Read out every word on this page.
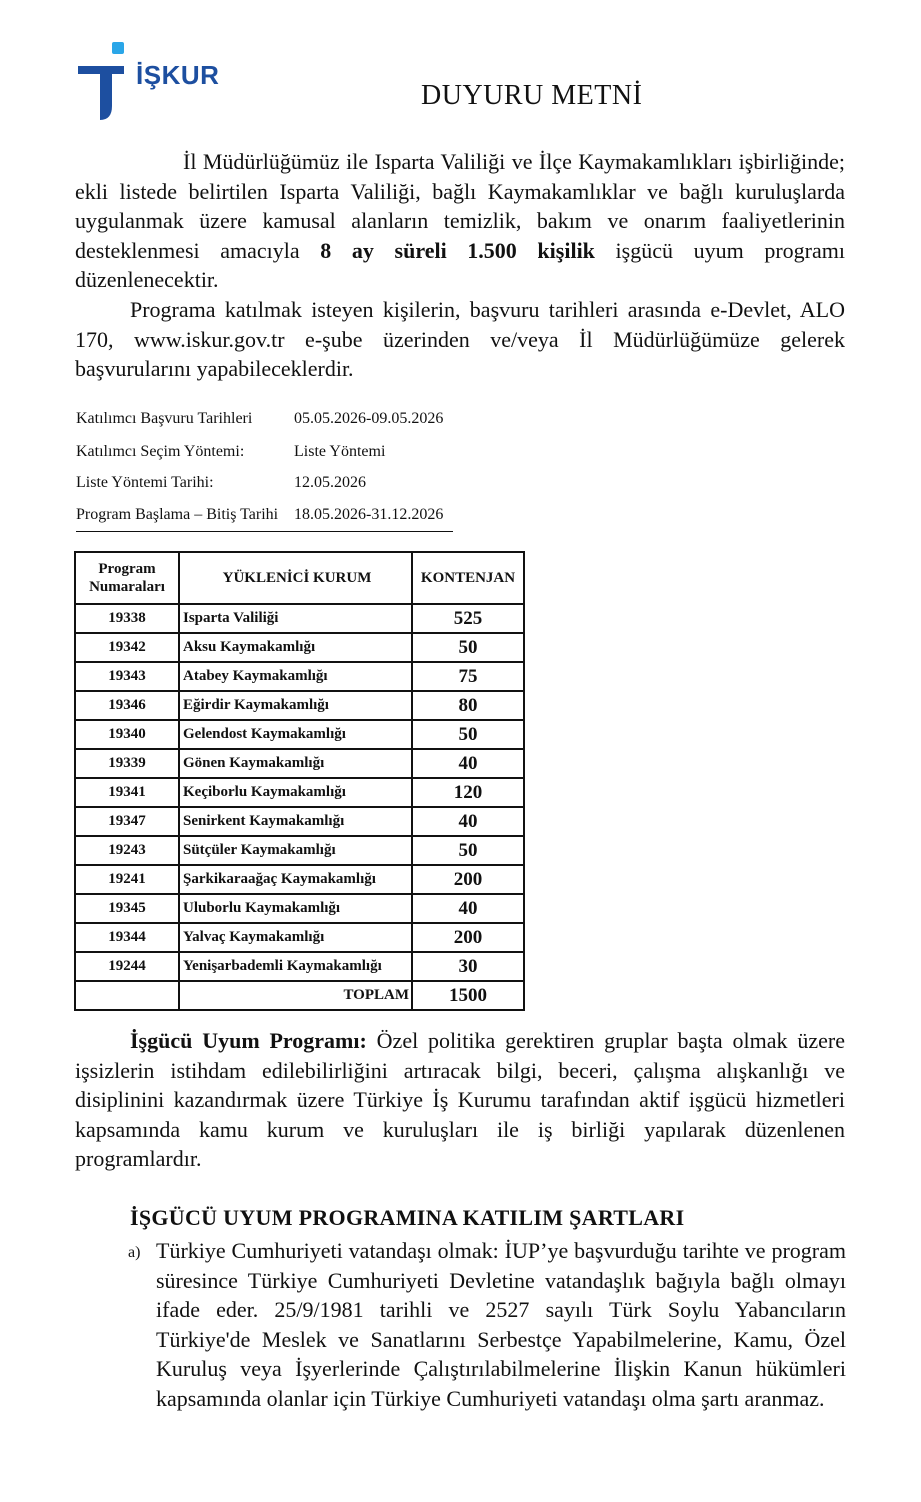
İŞKUR
DUYURU METNİ
İl Müdürlüğümüz ile Isparta Valiliği ve İlçe Kaymakamlıkları işbirliğinde; ekli listede belirtilen Isparta Valiliği, bağlı Kaymakamlıklar ve bağlı kuruluşlarda uygulanmak üzere kamusal alanların temizlik, bakım ve onarım faaliyetlerinin desteklenmesi amacıyla 8 ay süreli 1.500 kişilik işgücü uyum programı düzenlenecektir.
Programa katılmak isteyen kişilerin, başvuru tarihleri arasında e-Devlet, ALO 170, www.iskur.gov.tr e-şube üzerinden ve/veya İl Müdürlüğümüze gelerek başvurularını yapabileceklerdir.
Katılımcı Başvuru Tarihleri	05.05.2026-09.05.2026
Katılımcı Seçim Yöntemi:	Liste Yöntemi
Liste Yöntemi Tarihi:	12.05.2026
Program Başlama – Bitiş Tarihi 18.05.2026-31.12.2026
Program
Numaraları	YÜKLENİCİ KURUM	KONTENJAN
19338	Isparta Valiliği	525
19342	Aksu Kaymakamlığı	50
19343	Atabey Kaymakamlığı	75
19346	Eğirdir Kaymakamlığı	80
19340	Gelendost Kaymakamlığı	50
19339	Gönen Kaymakamlığı	40
19341	Keçiborlu Kaymakamlığı	120
19347	Senirkent Kaymakamlığı	40
19243	Sütçüler Kaymakamlığı	50
19241	Şarkikaraağaç Kaymakamlığı	200
19345	Uluborlu Kaymakamlığı	40
19344	Yalvaç Kaymakamlığı	200
19244	Yenişarbademli Kaymakamlığı	30
	TOPLAM	1500
İşgücü Uyum Programı: Özel politika gerektiren gruplar başta olmak üzere işsizlerin istihdam edilebilirliğini artıracak bilgi, beceri, çalışma alışkanlığı ve disiplinini kazandırmak üzere Türkiye İş Kurumu tarafından aktif işgücü hizmetleri kapsamında kamu kurum ve kuruluşları ile iş birliği yapılarak düzenlenen programlardır.
İŞGÜCÜ UYUM PROGRAMINA KATILIM ŞARTLARI
a) Türkiye Cumhuriyeti vatandaşı olmak: İUP’ye başvurduğu tarihte ve program süresince Türkiye Cumhuriyeti Devletine vatandaşlık bağıyla bağlı olmayı ifade eder. 25/9/1981 tarihli ve 2527 sayılı Türk Soylu Yabancıların Türkiye'de Meslek ve Sanatlarını Serbestçe Yapabilmelerine, Kamu, Özel Kuruluş veya İşyerlerinde Çalıştırılabilmelerine İlişkin Kanun hükümleri kapsamında olanlar için Türkiye Cumhuriyeti vatandaşı olma şartı aranmaz.
